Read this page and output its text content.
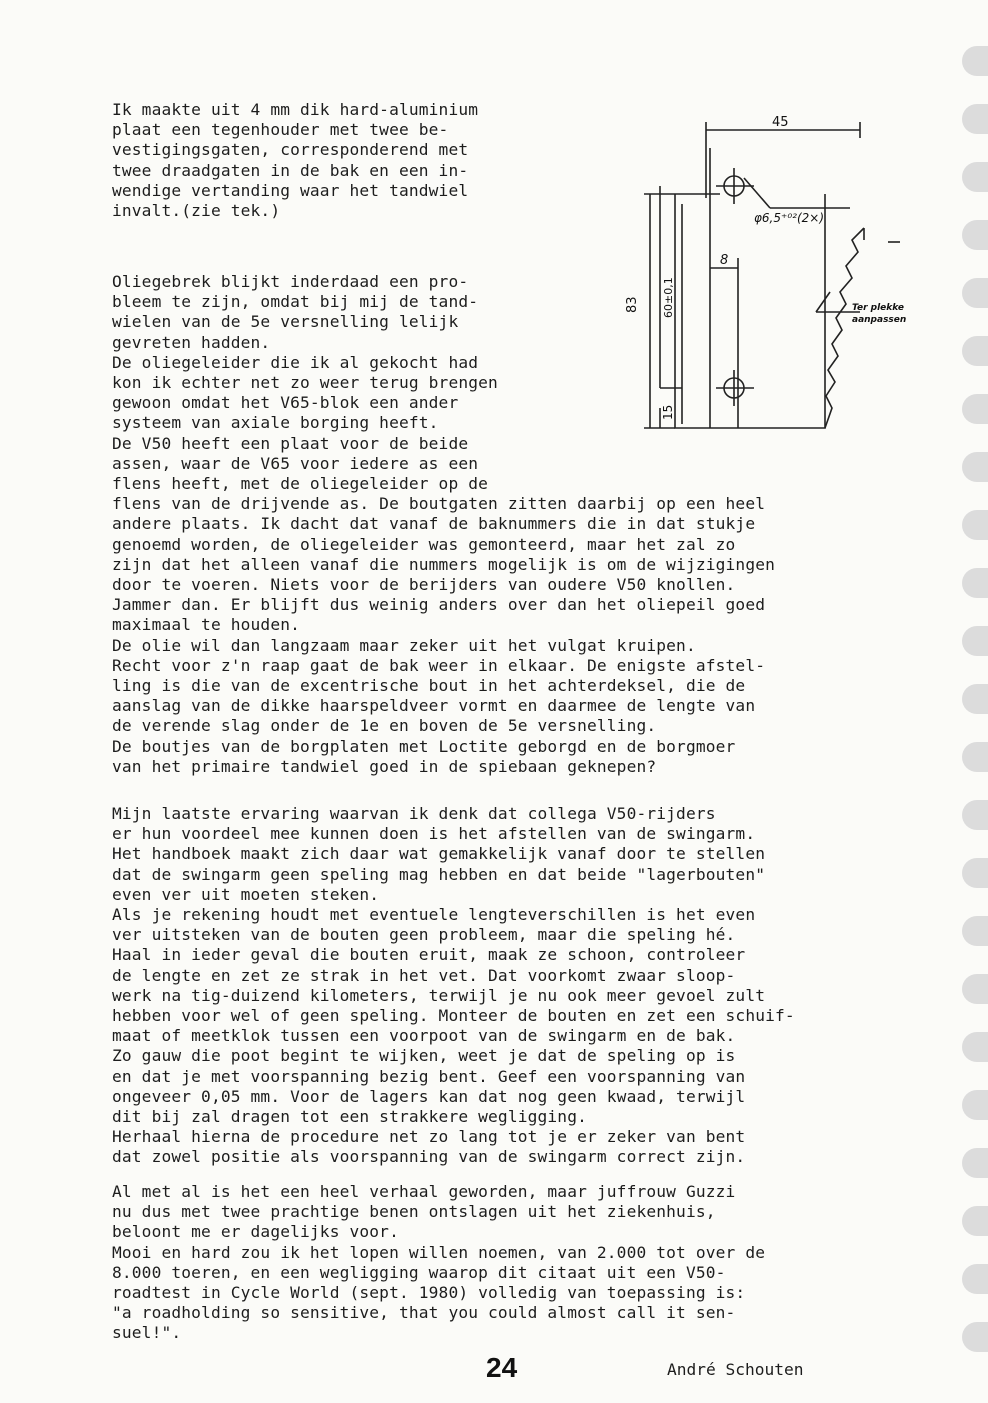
Ik maakte uit 4 mm dik hard-aluminium
plaat een tegenhouder met twee be-
vestigingsgaten, corresponderend met
twee draadgaten in de bak en een in-
wendige vertanding waar het tandwiel
invalt.(zie tek.)
Oliegebrek blijkt inderdaad een pro-
bleem te zijn, omdat bij mij de tand-
wielen van de 5e versnelling lelijk
gevreten hadden.
De oliegeleider die ik al gekocht had
kon ik echter net zo weer terug brengen
gewoon omdat het V65-blok een ander
systeem van axiale borging heeft.
De V50 heeft een plaat voor de beide
assen, waar de V65 voor iedere as een
flens heeft, met de oliegeleider op de
flens van de drijvende as. De boutgaten zitten daarbij op een heel
andere plaats. Ik dacht dat vanaf de baknummers die in dat stukje
genoemd worden, de oliegeleider was gemonteerd, maar het zal zo
zijn dat het alleen vanaf die nummers mogelijk is om de wijzigingen
door te voeren. Niets voor de berijders van oudere V50 knollen.
Jammer dan. Er blijft dus weinig anders over dan het oliepeil goed
maximaal te houden.
De olie wil dan langzaam maar zeker uit het vulgat kruipen.
Recht voor z'n raap gaat de bak weer in elkaar. De enigste afstel-
ling is die van de excentrische bout in het achterdeksel, die de
aanslag van de dikke haarspeldveer vormt en daarmee de lengte van
de verende slag onder de 1e en boven de 5e versnelling.
De boutjes van de borgplaten met Loctite geborgd en de borgmoer
van het primaire tandwiel goed in de spiebaan geknepen?
Mijn laatste ervaring waarvan ik denk dat collega V50-rijders
er hun voordeel mee kunnen doen is het afstellen van de swingarm.
Het handboek maakt zich daar wat gemakkelijk vanaf door te stellen
dat de swingarm geen speling mag hebben en dat beide "lagerbouten"
even ver uit moeten steken.
Als je rekening houdt met eventuele lengteverschillen is het even
ver uitsteken van de bouten geen probleem, maar die speling hé.
Haal in ieder geval die bouten eruit, maak ze schoon, controleer
de lengte en zet ze strak in het vet. Dat voorkomt zwaar sloop-
werk na tig-duizend kilometers, terwijl je nu ook meer gevoel zult
hebben voor wel of geen speling. Monteer de bouten en zet een schuif-
maat of meetklok tussen een voorpoot van de swingarm en de bak.
Zo gauw die poot begint te wijken, weet je dat de speling op is
en dat je met voorspanning bezig bent. Geef een voorspanning van
ongeveer 0,05 mm. Voor de lagers kan dat nog geen kwaad, terwijl
dit bij zal dragen tot een strakkere wegligging.
Herhaal hierna de procedure net zo lang tot je er zeker van bent
dat zowel positie als voorspanning van de swingarm correct zijn.
Al met al is het een heel verhaal geworden, maar juffrouw Guzzi
nu dus met twee prachtige benen ontslagen uit het ziekenhuis,
beloont me er dagelijks voor.
Mooi en hard zou ik het lopen willen noemen, van 2.000 tot over de
8.000 toeren, en een wegligging waarop dit citaat uit een V50-
roadtest in Cycle World (sept. 1980) volledig van toepassing is:
"a roadholding so sensitive, that you could almost call it sen-
suel!".
45
φ6,5⁺⁰²(2×)
8
83 60±0,1
15
Ter plekke
aanpassen
24	André Schouten
